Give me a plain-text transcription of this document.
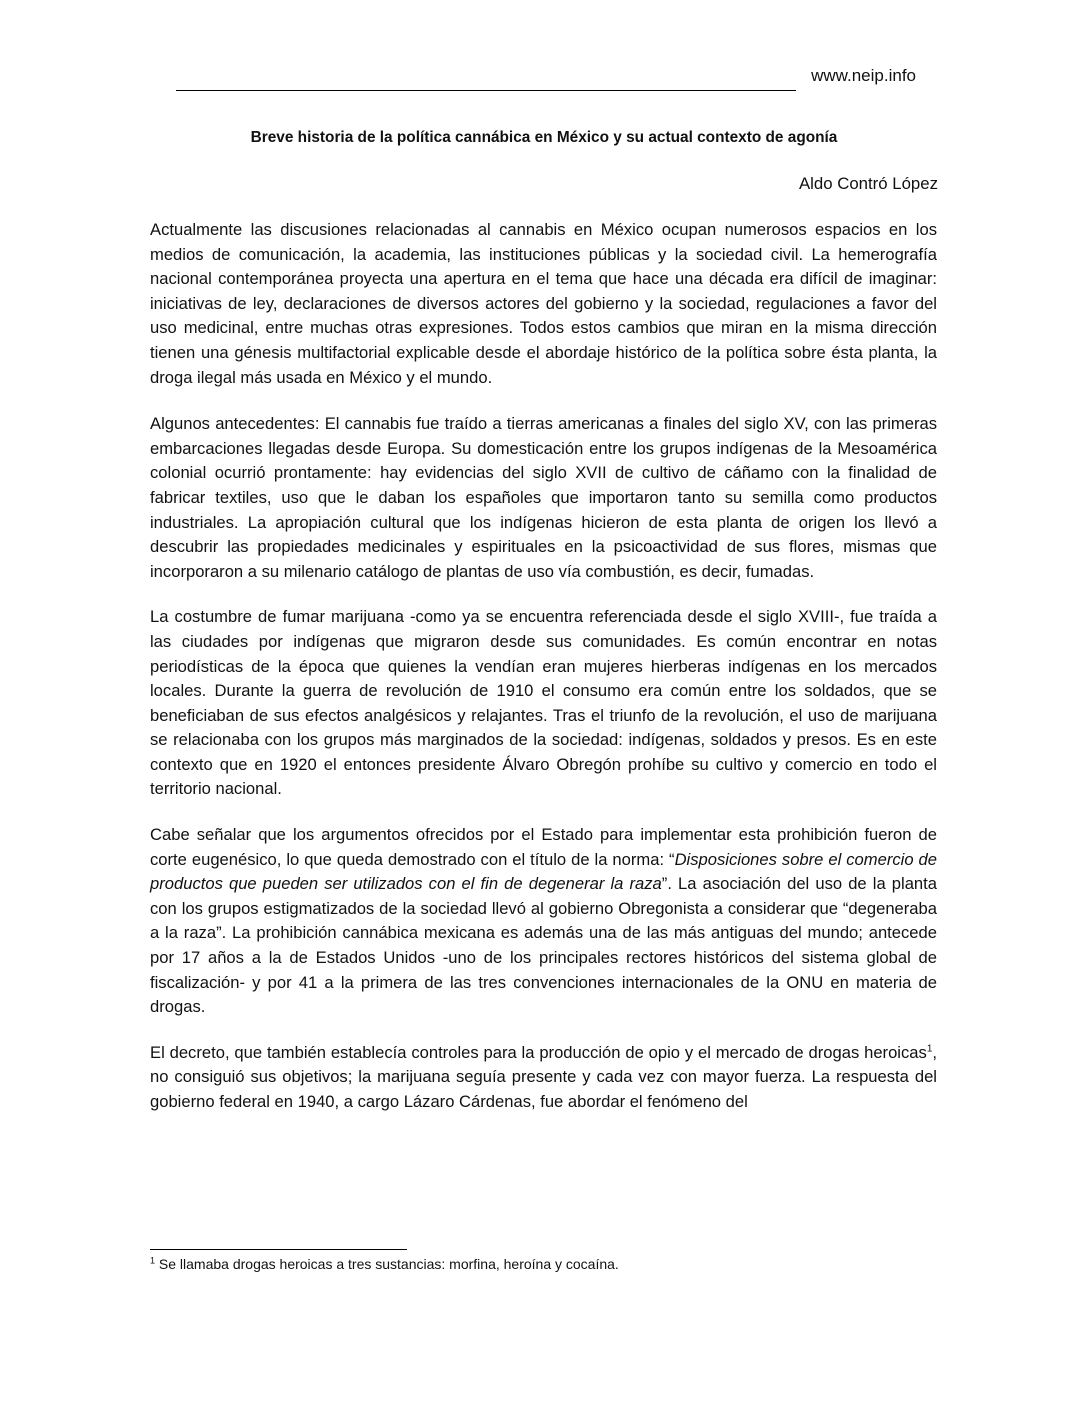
www.neip.info
Breve historia de la política cannábica en México y su actual contexto de agonía
Aldo Contró López

Actualmente las discusiones relacionadas al cannabis en México ocupan numerosos espacios en los medios de comunicación, la academia, las instituciones públicas y la sociedad civil. La hemerografía nacional contemporánea proyecta una apertura en el tema que hace una década era difícil de imaginar: iniciativas de ley, declaraciones de diversos actores del gobierno y la sociedad, regulaciones a favor del uso medicinal, entre muchas otras expresiones. Todos estos cambios que miran en la misma dirección tienen una génesis multifactorial explicable desde el abordaje histórico de la política sobre ésta planta, la droga ilegal más usada en México y el mundo.

Algunos antecedentes: El cannabis fue traído a tierras americanas a finales del siglo XV, con las primeras embarcaciones llegadas desde Europa. Su domesticación entre los grupos indígenas de la Mesoamérica colonial ocurrió prontamente: hay evidencias del siglo XVII de cultivo de cáñamo con la finalidad de fabricar textiles, uso que le daban los españoles que importaron tanto su semilla como productos industriales. La apropiación cultural que los indígenas hicieron de esta planta de origen los llevó a descubrir las propiedades medicinales y espirituales en la psicoactividad de sus flores, mismas que incorporaron a su milenario catálogo de plantas de uso vía combustión, es decir, fumadas.

La costumbre de fumar marijuana -como ya se encuentra referenciada desde el siglo XVIII-, fue traída a las ciudades por indígenas que migraron desde sus comunidades. Es común encontrar en notas periodísticas de la época que quienes la vendían eran mujeres hierberas indígenas en los mercados locales. Durante la guerra de revolución de 1910 el consumo era común entre los soldados, que se beneficiaban de sus efectos analgésicos y relajantes. Tras el triunfo de la revolución, el uso de marijuana se relacionaba con los grupos más marginados de la sociedad: indígenas, soldados y presos. Es en este contexto que en 1920 el entonces presidente Álvaro Obregón prohíbe su cultivo y comercio en todo el territorio nacional.

Cabe señalar que los argumentos ofrecidos por el Estado para implementar esta prohibición fueron de corte eugenésico, lo que queda demostrado con el título de la norma: “Disposiciones sobre el comercio de productos que pueden ser utilizados con el fin de degenerar la raza”. La asociación del uso de la planta con los grupos estigmatizados de la sociedad llevó al gobierno Obregonista a considerar que “degeneraba a la raza”. La prohibición cannábica mexicana es además una de las más antiguas del mundo; antecede por 17 años a la de Estados Unidos -uno de los principales rectores históricos del sistema global de fiscalización- y por 41 a la primera de las tres convenciones internacionales de la ONU en materia de drogas.

El decreto, que también establecía controles para la producción de opio y el mercado de drogas heroicas$^1$, no consiguió sus objetivos; la marijuana seguía presente y cada vez con mayor fuerza. La respuesta del gobierno federal en 1940, a cargo Lázaro Cárdenas, fue abordar el fenómeno del

$^1$ Se llamaba drogas heroicas a tres sustancias: morfina, heroína y cocaína.
